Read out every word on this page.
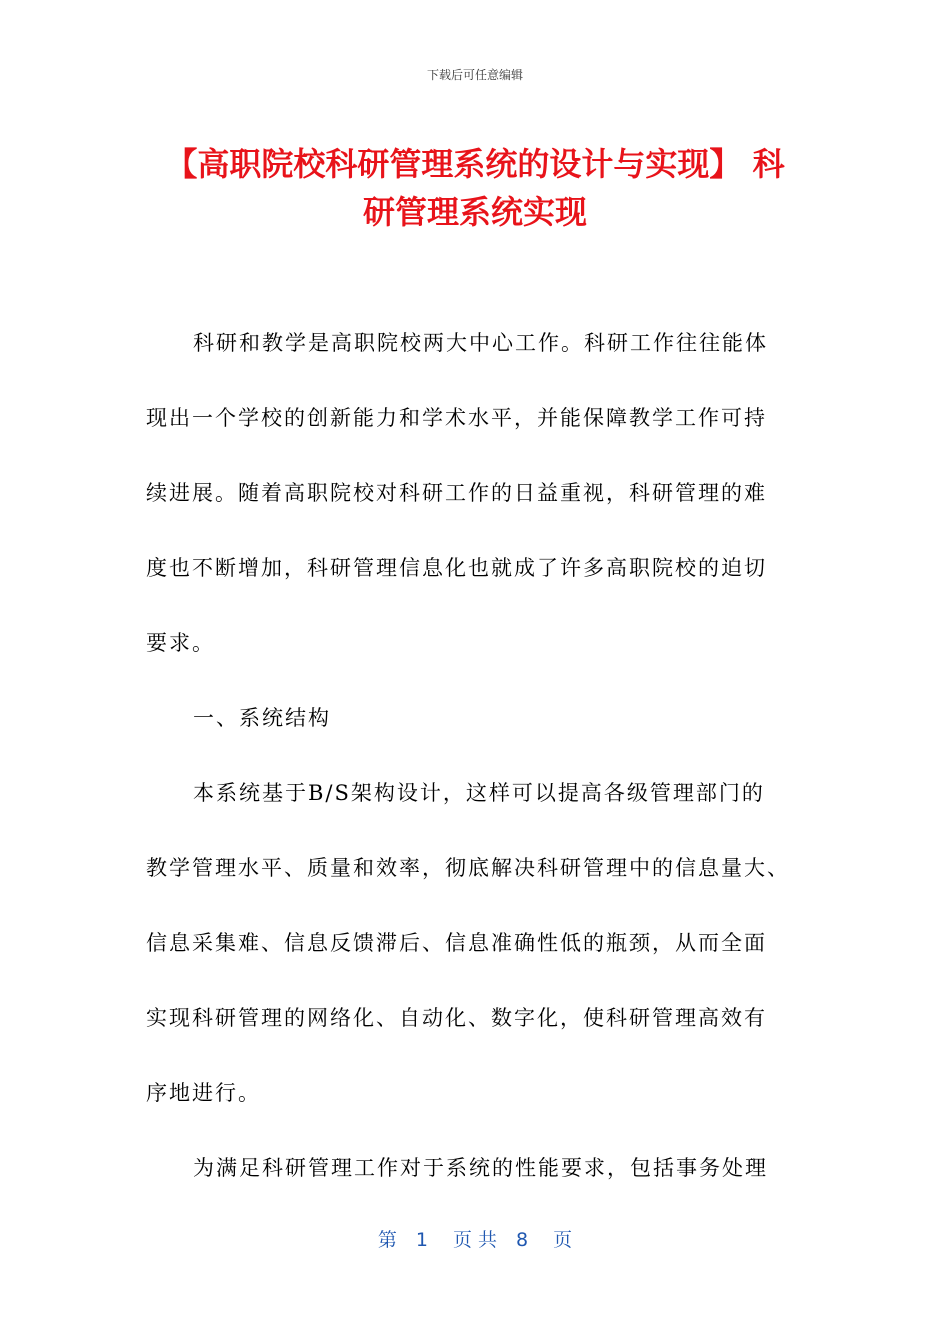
下载后可任意编辑
【高职院校科研管理系统的设计与实现】 科
研管理系统实现
科研和教学是高职院校两大中心工作。科研工作往往能体
现出一个学校的创新能力和学术水平，并能保障教学工作可持
续进展。随着高职院校对科研工作的日益重视，科研管理的难
度也不断增加，科研管理信息化也就成了许多高职院校的迫切
要求。
一、系统结构
本系统基于B/S架构设计，这样可以提高各级管理部门的
教学管理水平、质量和效率，彻底解决科研管理中的信息量大、
信息采集难、信息反馈滞后、信息准确性低的瓶颈，从而全面
实现科研管理的网络化、自动化、数字化，使科研管理高效有
序地进行。
为满足科研管理工作对于系统的性能要求，包括事务处理
第　1　 页 共　8　 页
